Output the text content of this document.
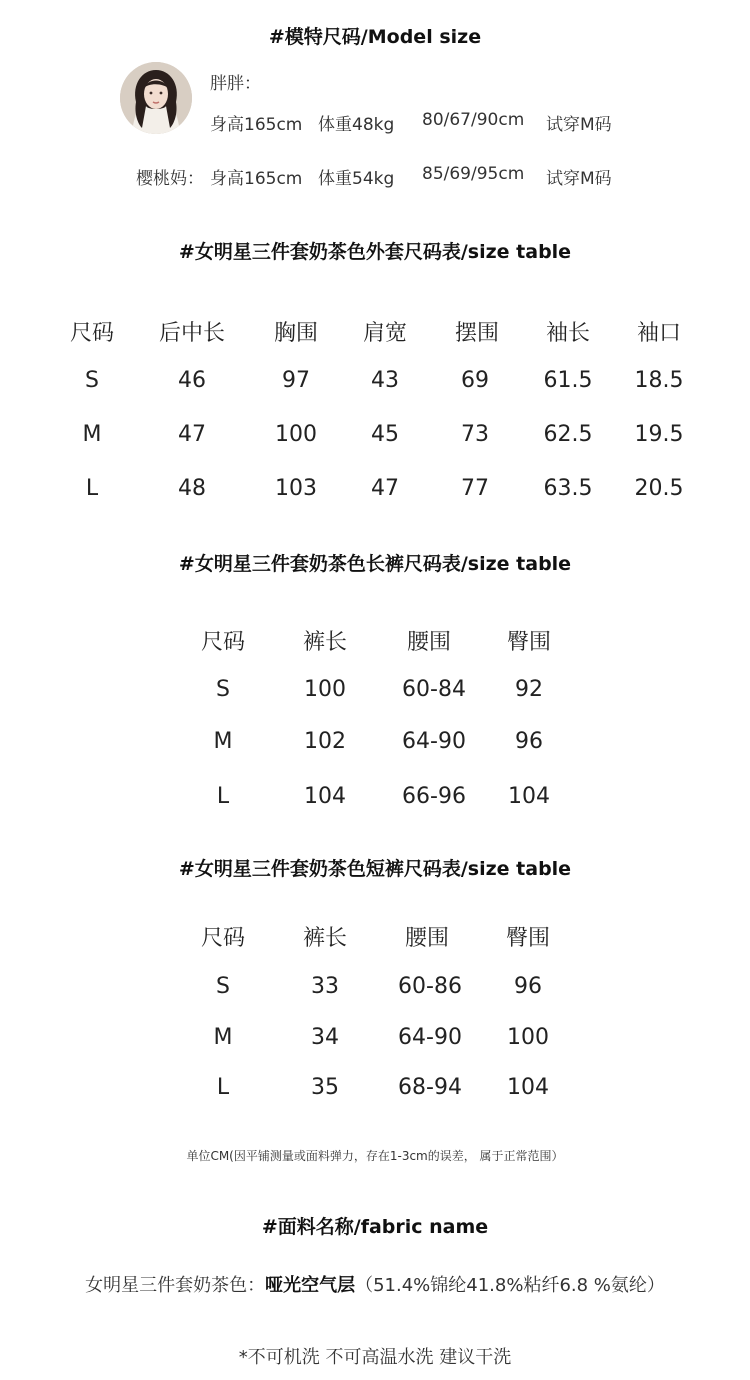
#模特尺码/Model size
胖胖：
身高165cm 体重48kg 80/67/90cm 试穿M码
樱桃妈： 身高165cm 体重54kg 85/69/95cm 试穿M码
#女明星三件套奶茶色外套尺码表/size table
尺码 后中长 胸围 肩宽 摆围 袖长 袖口
S	46	97	43	69 61.5 18.5
M	47	100 45	73 62.5 19.5
L	48	103 47	77 63.5 20.5
#女明星三件套奶茶色长裤尺码表/size table
尺码	裤长	腰围	臀围
S	100	60-84 92
M	102	64-90 96
L	104	66-96 104
#女明星三件套奶茶色短裤尺码表/size table
尺码	裤长	腰围	臀围
S	33	60-86 96
M	34	64-90 100
L	35	68-94 104
单位CM(因平铺测量或面料弹力，存在1-3cm的误差， 属于正常范围）
#面料名称/fabric name
女明星三件套奶茶色：哑光空气层（51.4%锦纶41.8%粘纤6.8 %氨纶）
*不可机洗 不可高温水洗 建议干洗
